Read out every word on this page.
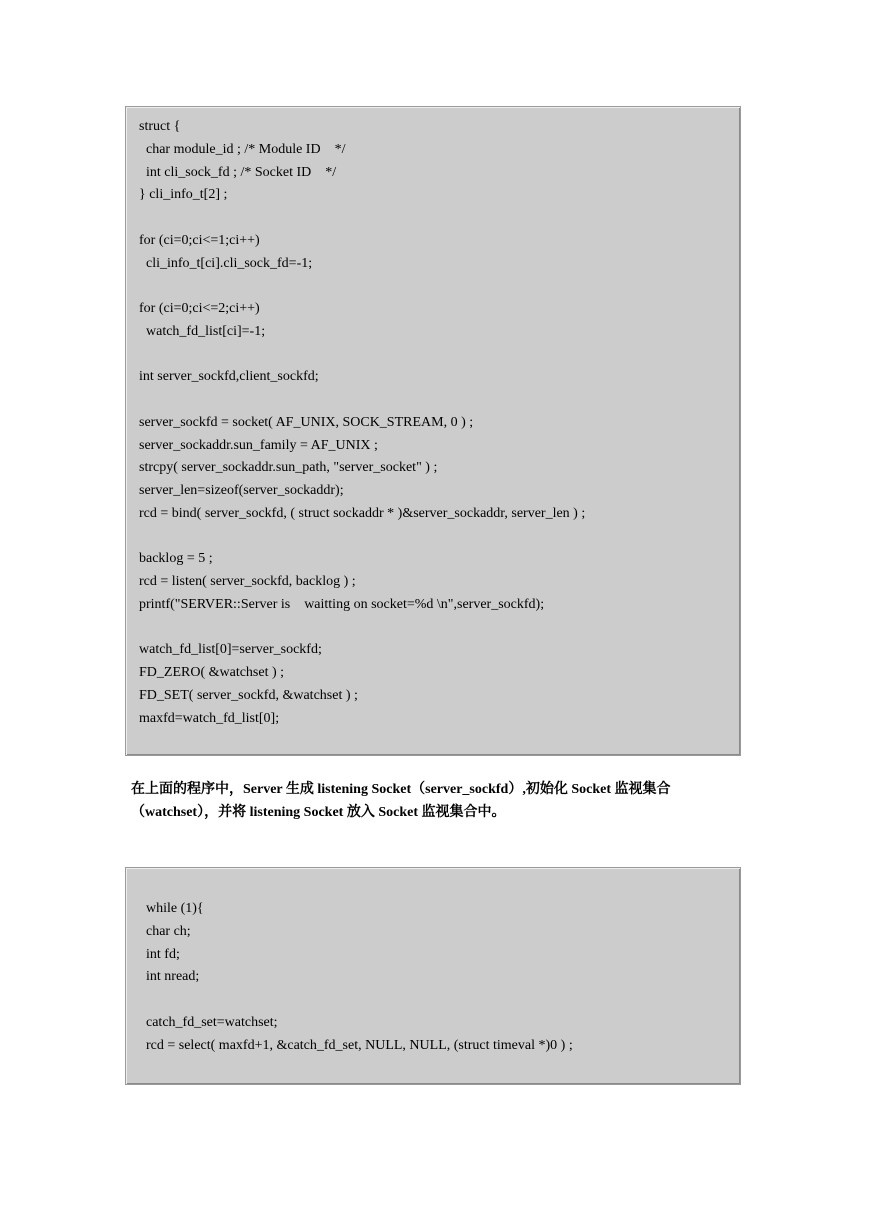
struct {
char module_id ; /* Module ID    */
int cli_sock_fd ; /* Socket ID    */
} cli_info_t[2] ;
for (ci=0;ci<=1;ci++)
cli_info_t[ci].cli_sock_fd=-1;
for (ci=0;ci<=2;ci++)
watch_fd_list[ci]=-1;
int server_sockfd,client_sockfd;
server_sockfd = socket( AF_UNIX, SOCK_STREAM, 0 ) ;
server_sockaddr.sun_family = AF_UNIX ;
strcpy( server_sockaddr.sun_path, "server_socket" ) ;
server_len=sizeof(server_sockaddr);
rcd = bind( server_sockfd, ( struct sockaddr * )&server_sockaddr, server_len ) ;
backlog = 5 ;
rcd = listen( server_sockfd, backlog ) ;
printf("SERVER::Server is    waitting on socket=%d \n",server_sockfd);
watch_fd_list[0]=server_sockfd;
FD_ZERO( &watchset ) ;
FD_SET( server_sockfd, &watchset ) ;
maxfd=watch_fd_list[0];
在上面的程序中，Server 生成 listening Socket（server_sockfd）,初始化 Socket 监视集合
（watchset），并将 listening Socket 放入 Socket 监视集合中。
while (1){
char ch;
int fd;
int nread;
catch_fd_set=watchset;
rcd = select( maxfd+1, &catch_fd_set, NULL, NULL, (struct timeval *)0 ) ;
